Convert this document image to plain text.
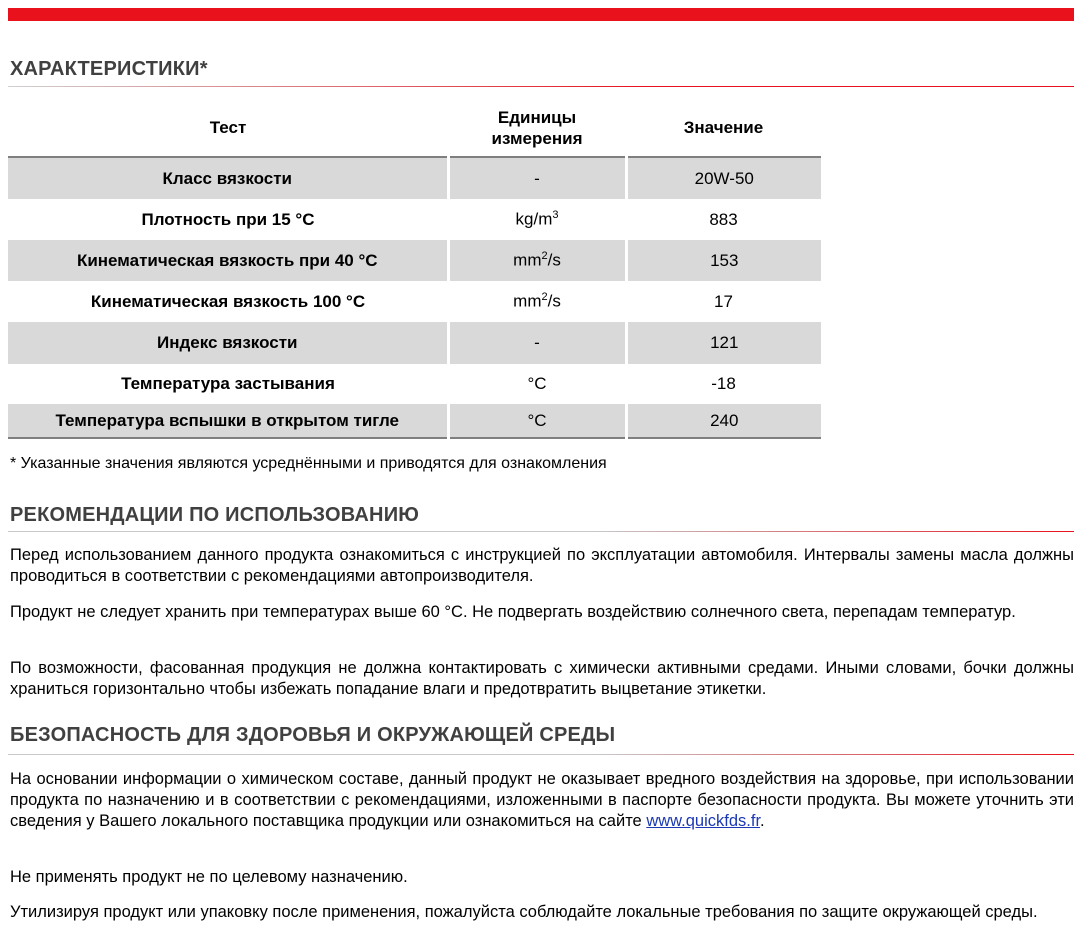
ХАРАКТЕРИСТИКИ*
Тест	Единицы измерения	Значение
Класс вязкости	-	20W-50
Плотность при 15 °C	$kg/m^3$	883
Кинематическая вязкость при 40 °C	$mm^2/s$	153
Кинематическая вязкость 100 °C	$mm^2/s$	17
Индекс вязкости	-	121
Температура застывания	°C	-18
Температура вспышки в открытом тигле	°C	240
* Указанные значения являются усреднёнными и приводятся для ознакомления
РЕКОМЕНДАЦИИ ПО ИСПОЛЬЗОВАНИЮ
Перед использованием данного продукта ознакомиться с инструкцией по эксплуатации автомобиля. Интервалы замены масла должны проводиться в соответствии с рекомендациями автопроизводителя.
Продукт не следует хранить при температурах выше 60 °C. Не подвергать воздействию солнечного света, перепадам температур.
По возможности, фасованная продукция не должна контактировать с химически активными средами. Иными словами, бочки должны храниться горизонтально чтобы избежать попадание влаги и предотвратить выцветание этикетки.
БЕЗОПАСНОСТЬ ДЛЯ ЗДОРОВЬЯ И ОКРУЖАЮЩЕЙ СРЕДЫ
На основании информации о химическом составе, данный продукт не оказывает вредного воздействия на здоровье, при использовании продукта по назначению и в соответствии с рекомендациями, изложенными в паспорте безопасности продукта. Вы можете уточнить эти сведения у Вашего локального поставщика продукции или ознакомиться на сайте www.quickfds.fr.
Не применять продукт не по целевому назначению.
Утилизируя продукт или упаковку после применения, пожалуйста соблюдайте локальные требования по защите окружающей среды.
